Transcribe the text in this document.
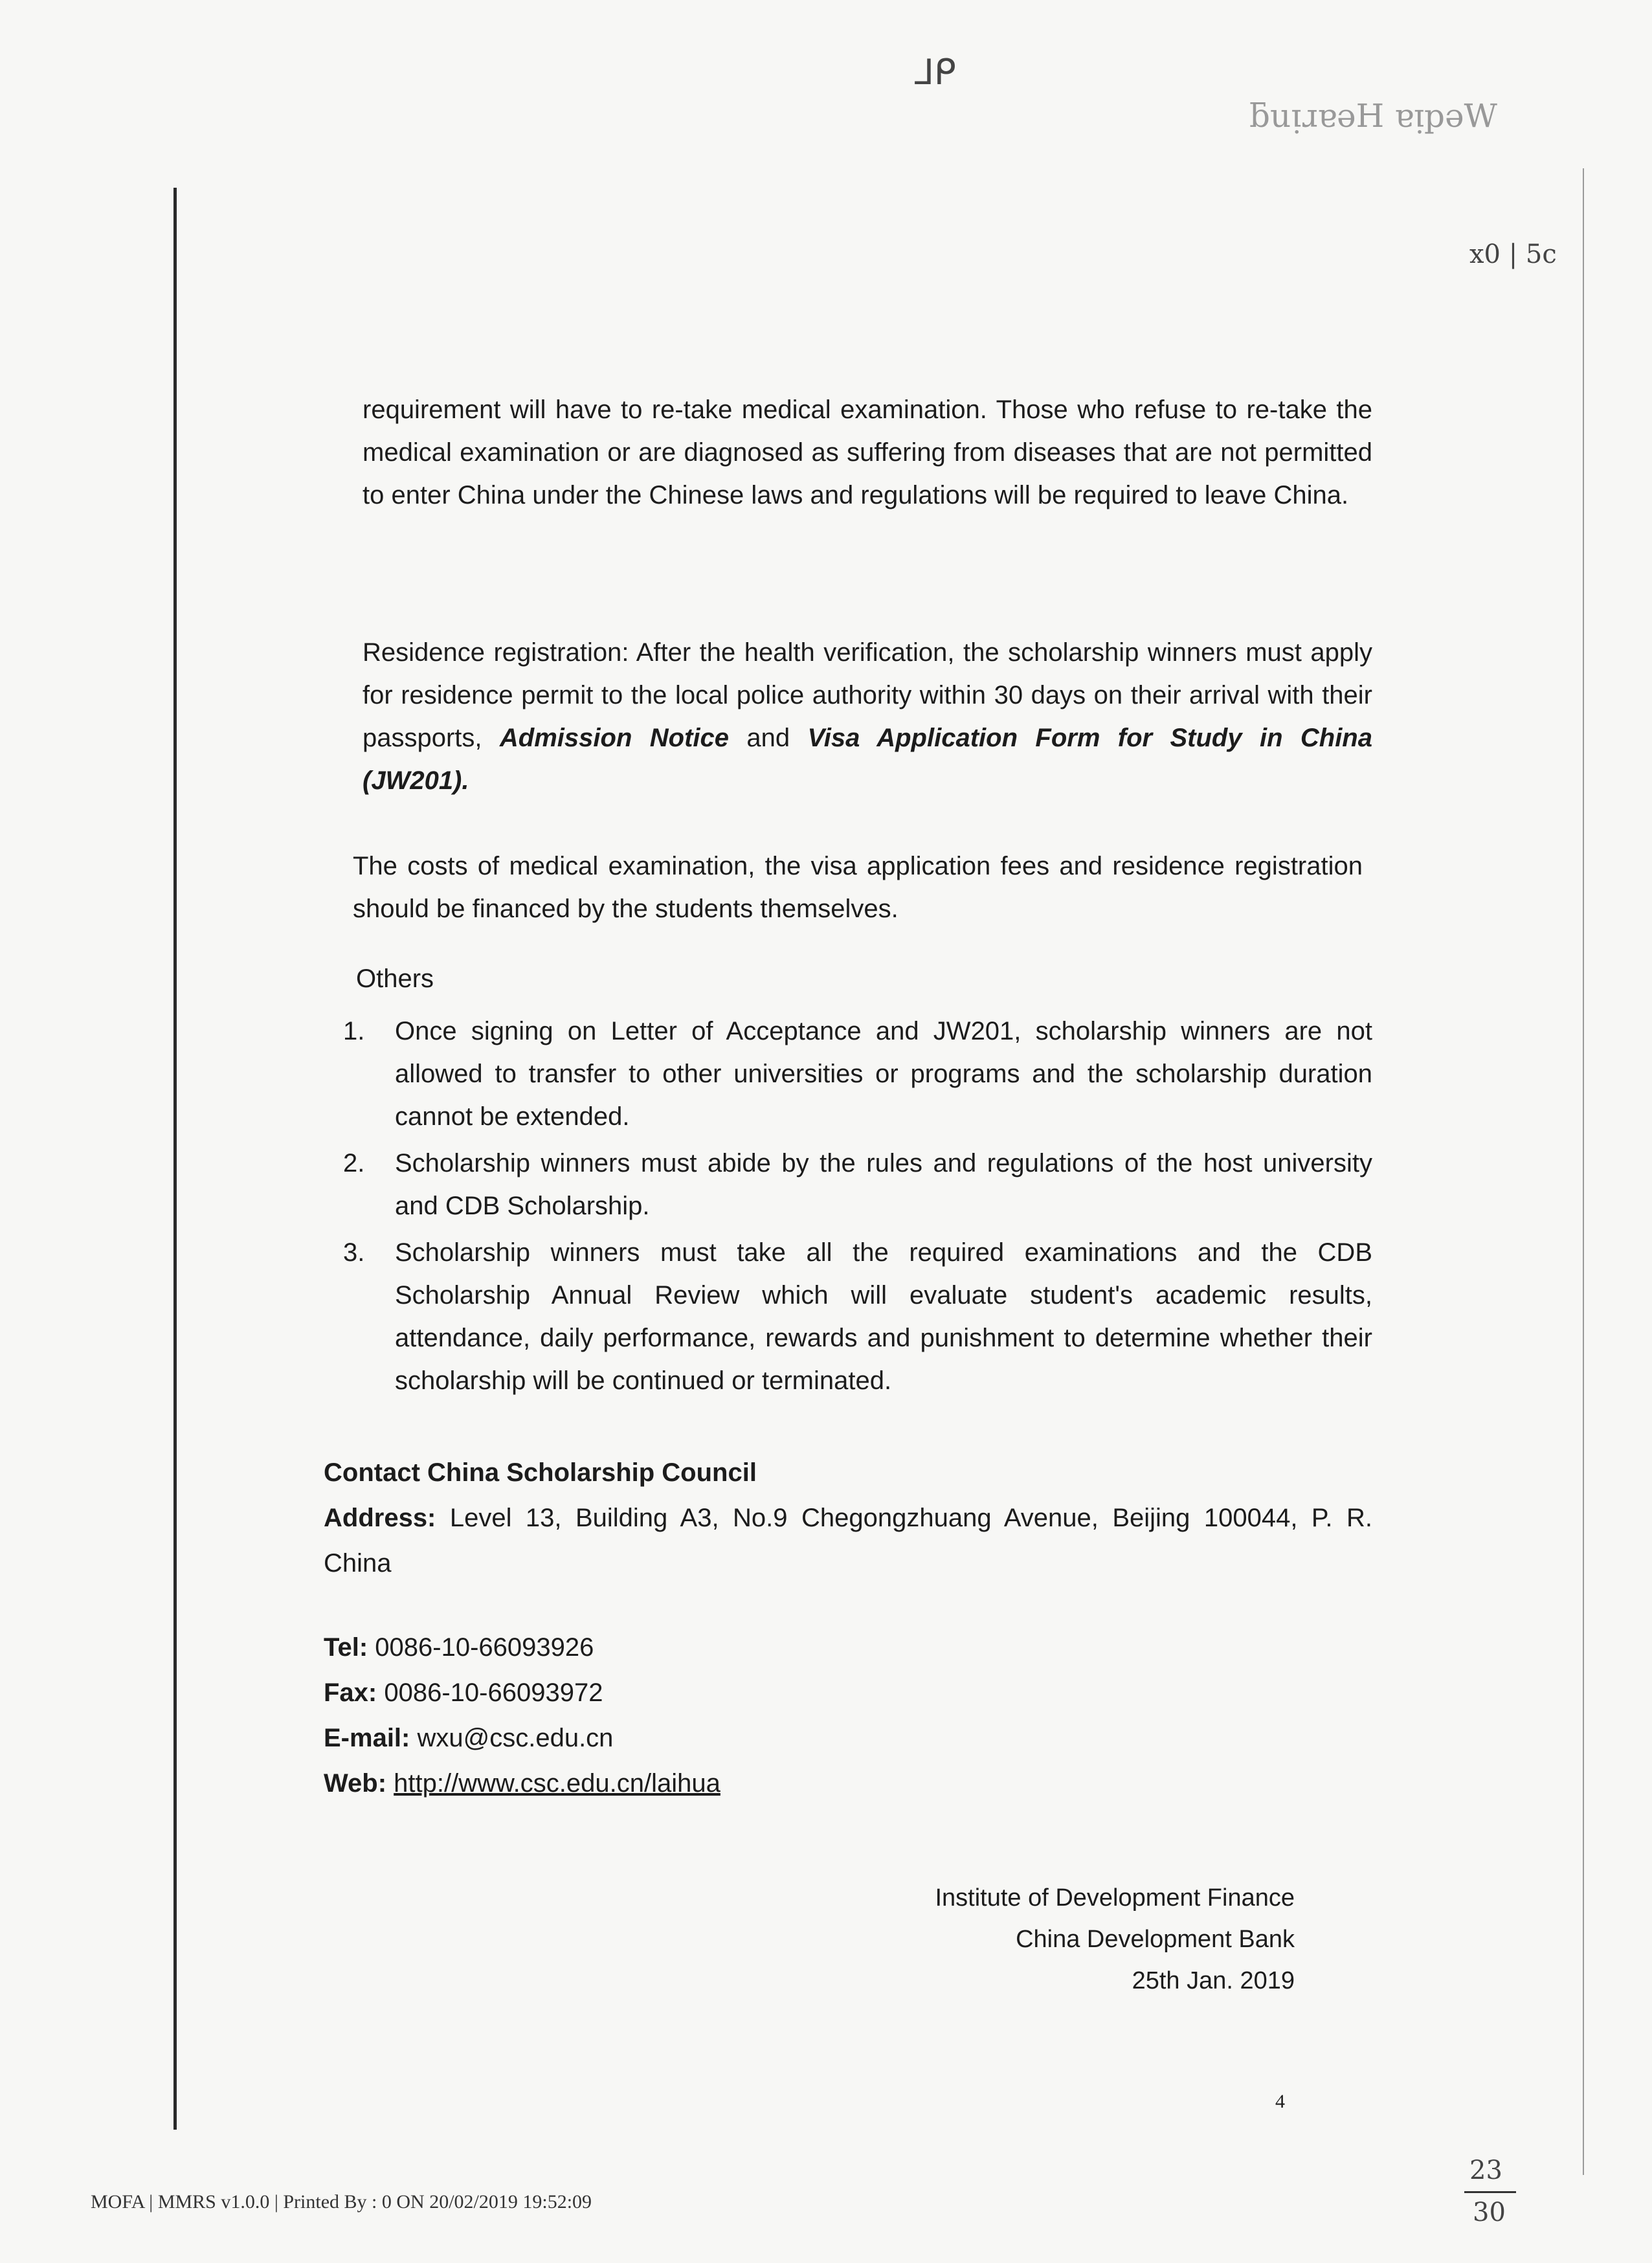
ᒧᑭ
ƃuᴉɹɐǝH ɐᴉpǝW
x0 | 5c

requirement will have to re-take medical examination. Those who refuse to re-take the medical examination or are diagnosed as suffering from diseases that are not permitted to enter China under the Chinese laws and regulations will be required to leave China.

Residence registration: After the health verification, the scholarship winners must apply for residence permit to the local police authority within 30 days on their arrival with their passports, Admission Notice and Visa Application Form for Study in China (JW201).

The costs of medical examination, the visa application fees and residence registration should be financed by the students themselves.

Others
1. Once signing on Letter of Acceptance and JW201, scholarship winners are not allowed to transfer to other universities or programs and the scholarship duration cannot be extended.
2. Scholarship winners must abide by the rules and regulations of the host university and CDB Scholarship.
3. Scholarship winners must take all the required examinations and the CDB Scholarship Annual Review which will evaluate student's academic results, attendance, daily performance, rewards and punishment to determine whether their scholarship will be continued or terminated.
Contact China Scholarship Council
Address: Level 13, Building A3, No.9 Chegongzhuang Avenue, Beijing 100044, P. R. China
Tel: 0086-10-66093926
Fax: 0086-10-66093972
E-mail: wxu@csc.edu.cn
Web: http://www.csc.edu.cn/laihua
Institute of Development Finance
China Development Bank
25th Jan. 2019
4
MOFA | MMRS v1.0.0 | Printed By : 0 ON 20/02/2019 19:52:09
23
30
